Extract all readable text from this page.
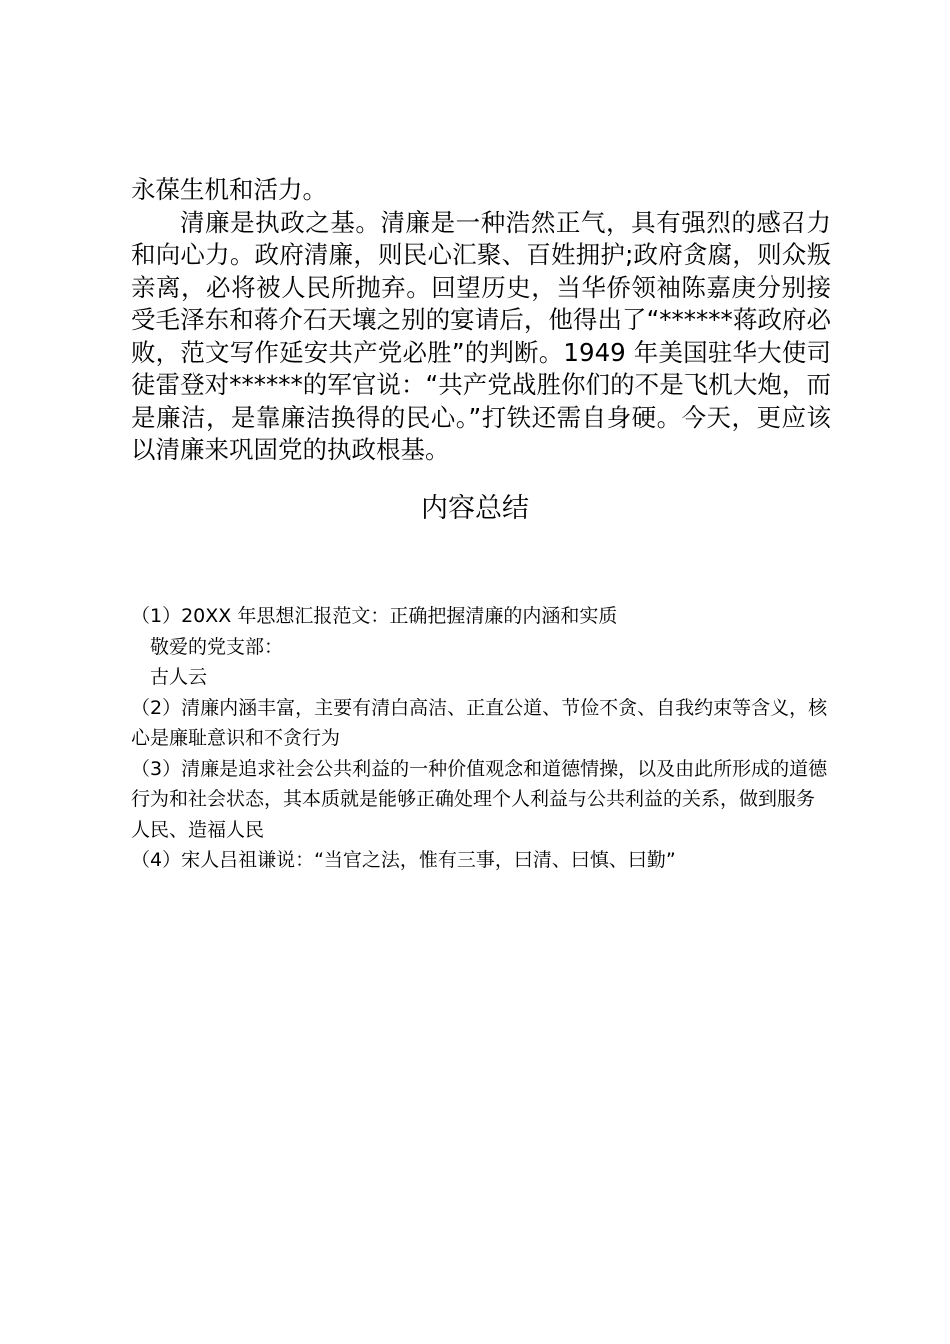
永葆生机和活力。

清廉是执政之基。清廉是一种浩然正气，具有强烈的感召力和向心力。政府清廉，则民心汇聚、百姓拥护;政府贪腐，则众叛亲离，必将被人民所抛弃。回望历史，当华侨领袖陈嘉庚分别接受毛泽东和蒋介石天壤之别的宴请后，他得出了“******蒋政府必败，范文写作延安共产党必胜”的判断。1949 年美国驻华大使司徒雷登对******的军官说：“共产党战胜你们的不是飞机大炮，而是廉洁，是靠廉洁换得的民心。”打铁还需自身硬。今天，更应该以清廉来巩固党的执政根基。

内容总结

（1）20XX 年思想汇报范文：正确把握清廉的内涵和实质

敬爱的党支部：

古人云

（2）清廉内涵丰富，主要有清白高洁、正直公道、节俭不贪、自我约束等含义，核心是廉耻意识和不贪行为

（3）清廉是追求社会公共利益的一种价值观念和道德情操，以及由此所形成的道德行为和社会状态，其本质就是能够正确处理个人利益与公共利益的关系，做到服务人民、造福人民

（4）宋人吕祖谦说：“当官之法，惟有三事，曰清、曰慎、曰勤”
